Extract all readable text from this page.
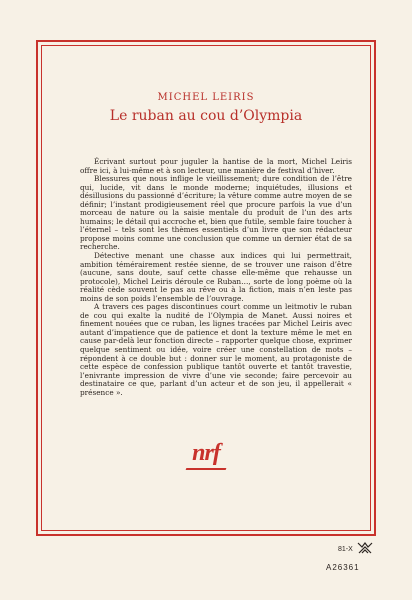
MICHEL LEIRIS
Le ruban au cou d’Olympia

Écrivant surtout pour juguler la hantise de la mort, Michel Leiris offre ici, à lui-même et à son lecteur, une manière de festival d’hiver.

Blessures que nous inflige le vieillissement; dure condition de l’être qui, lucide, vit dans le monde moderne; inquiétudes, illusions et désillusions du passionné d’écriture; la vêture comme autre moyen de se définir; l’instant prodigieusement réel que procure parfois la vue d’un morceau de nature ou la saisie mentale du produit de l’un des arts humains; le détail qui accroche et, bien que futile, semble faire toucher à l’éternel – tels sont les thèmes essentiels d’un livre que son rédacteur propose moins comme une conclusion que comme un dernier état de sa recherche.

Détective menant une chasse aux indices qui lui permettrait, ambition témérairement restée sienne, de se trouver une raison d’être (aucune, sans doute, sauf cette chasse elle-même que rehausse un protocole), Michel Leiris déroule ce Ruban…, sorte de long poème où la réalité cède souvent le pas au rêve ou à la fiction, mais n’en leste pas moins de son poids l’ensemble de l’ouvrage.

A travers ces pages discontinues court comme un leitmotiv le ruban de cou qui exalte la nudité de l’Olympia de Manet. Aussi noires et finement nouées que ce ruban, les lignes tracées par Michel Leiris avec autant d’impatience que de patience et dont la texture même le met en cause par-delà leur fonction directe – rapporter quelque chose, exprimer quelque sentiment ou idée, voire créer une constellation de mots – répondent à ce double but : donner sur le moment, au protagoniste de cette espèce de confession publique tantôt ouverte et tantôt travestie, l’enivrante impression de vivre d’une vie seconde; faire percevoir au destinataire ce que, parlant d’un acteur et de son jeu, il appellerait « présence ».

nrf
81-X
A26361
